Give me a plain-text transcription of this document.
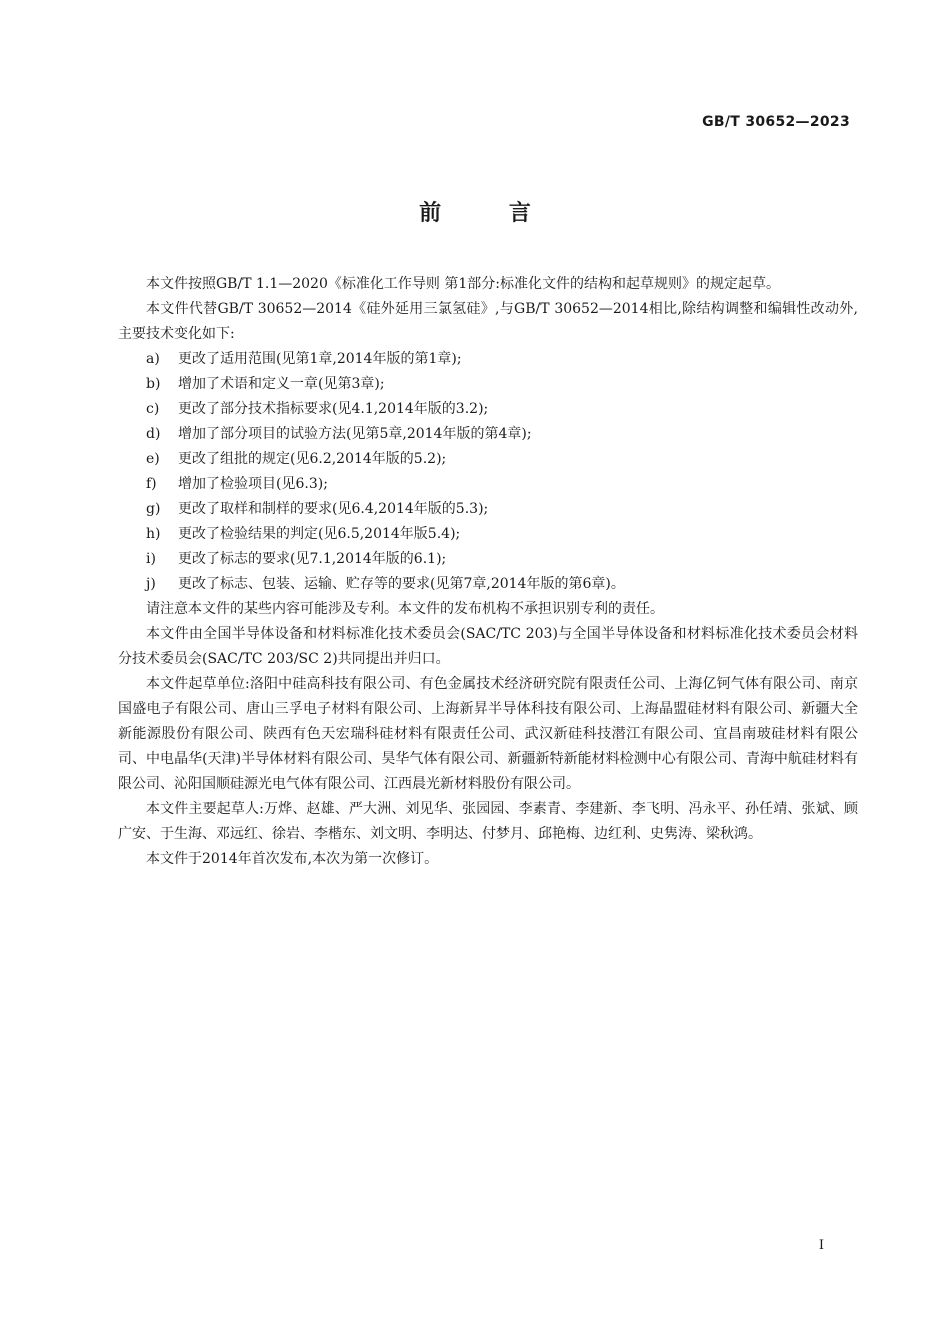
GB/T 30652—2023
前 言

本文件按照GB/T 1.1—2020《标准化工作导则 第1部分:标准化文件的结构和起草规则》的规定起草。

本文件代替GB/T 30652—2014《硅外延用三氯氢硅》,与GB/T 30652—2014相比,除结构调整和编辑性改动外,主要技术变化如下:

a) 更改了适用范围(见第1章,2014年版的第1章);
b) 增加了术语和定义一章(见第3章);
c) 更改了部分技术指标要求(见4.1,2014年版的3.2);
d) 增加了部分项目的试验方法(见第5章,2014年版的第4章);
e) 更改了组批的规定(见6.2,2014年版的5.2);
f) 增加了检验项目(见6.3);
g) 更改了取样和制样的要求(见6.4,2014年版的5.3);
h) 更改了检验结果的判定(见6.5,2014年版5.4);
i) 更改了标志的要求(见7.1,2014年版的6.1);
j) 更改了标志、包装、运输、贮存等的要求(见第7章,2014年版的第6章)。

请注意本文件的某些内容可能涉及专利。本文件的发布机构不承担识别专利的责任。

本文件由全国半导体设备和材料标准化技术委员会(SAC/TC 203)与全国半导体设备和材料标准化技术委员会材料分技术委员会(SAC/TC 203/SC 2)共同提出并归口。

本文件起草单位:洛阳中硅高科技有限公司、有色金属技术经济研究院有限责任公司、上海亿钶气体有限公司、南京国盛电子有限公司、唐山三孚电子材料有限公司、上海新昇半导体科技有限公司、上海晶盟硅材料有限公司、新疆大全新能源股份有限公司、陕西有色天宏瑞科硅材料有限责任公司、武汉新硅科技潜江有限公司、宜昌南玻硅材料有限公司、中电晶华(天津)半导体材料有限公司、昊华气体有限公司、新疆新特新能材料检测中心有限公司、青海中航硅材料有限公司、沁阳国顺硅源光电气体有限公司、江西晨光新材料股份有限公司。

本文件主要起草人:万烨、赵雄、严大洲、刘见华、张园园、李素青、李建新、李飞明、冯永平、孙任靖、张斌、顾广安、于生海、邓远红、徐岩、李楷东、刘文明、李明达、付梦月、邱艳梅、边红利、史隽涛、梁秋鸿。

本文件于2014年首次发布,本次为第一次修订。

I
